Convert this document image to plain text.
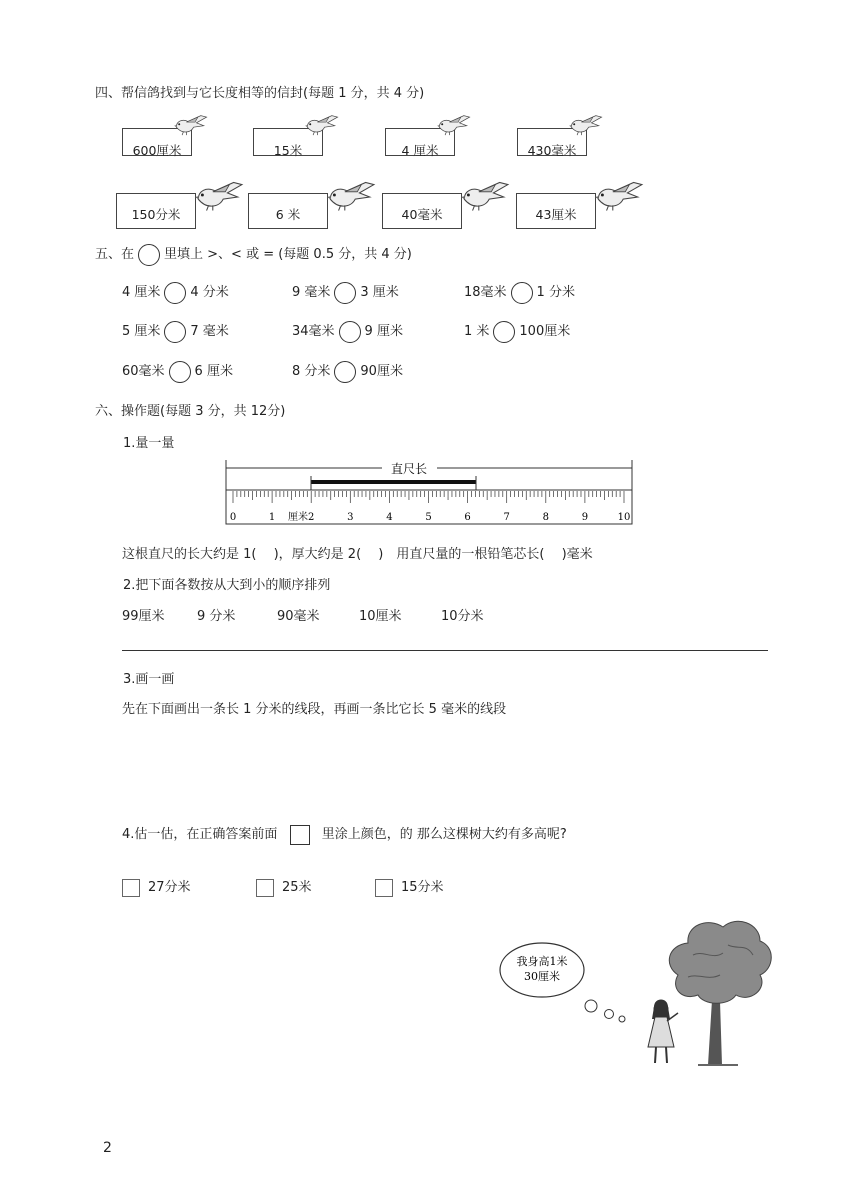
四、帮信鸽找到与它长度相等的信封(每题 1 分，共 4 分)
600厘米	15米	4 厘米	430毫米
150分米	6 米	40毫米	43厘米
五、在 里填上 >、< 或 = (每题 0.5 分，共 4 分)
4 厘米 4 分米	9 毫米 3 厘米	18毫米 1 分米
5 厘米 7 毫米	34毫米 9 厘米	1 米 100厘米
60毫米 6 厘米	8 分米 90厘米
六、操作题(每题 3 分，共 12分)
1.量一量
直尺长
0	1	2	3	4	5	6	7	8	9	10
厘米
这根直尺的长大约是 1(　 )，厚大约是 2(　 )　用直尺量的一根铅笔芯长(　 )毫米
2.把下面各数按从大到小的顺序排列
99厘米 9 分米	90毫米	10厘米	10分米
3.画一画
先在下面画出一条长 1 分米的线段，再画一条比它长 5 毫米的线段
4.估一估，在正确答案前面	里涂上颜色，的 那么这棵树大约有多高呢?
27分米	25米	15分米
我身高1米
30厘米
2
